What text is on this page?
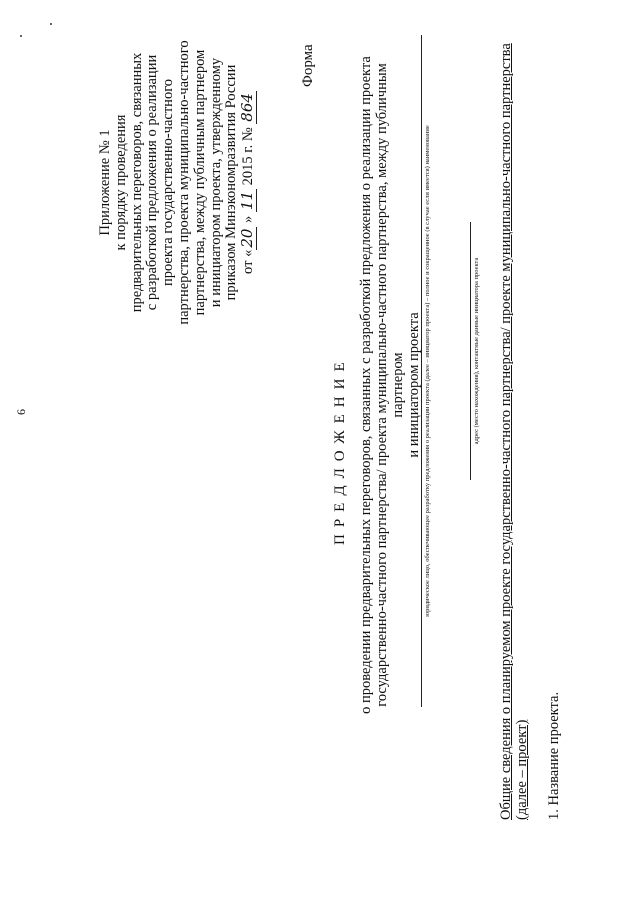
6
Приложение № 1 к порядку проведения предварительных переговоров, связанных с разработкой предложения о реализации проекта государственно-частного партнерства, проекта муниципально-частного партнерства, между публичным партнером и инициатором проекта, утвержденному приказом Минэкономразвития России от «20 » 11 2015 г. № 864
Форма
ПРЕДЛОЖЕНИЕ о проведении предварительных переговоров, связанных с разработкой предложения о реализации проекта государственно-частного партнерства/ проекта муниципально-частного партнерства, между публичным партнером и инициатором проекта юридическое лицо, обеспечивающее разработку предложения о реализации проекта (далее – инициатор проекта) – полное и сокращенное (в случае если имеется) наименование	адрес (место нахождения), контактные данные инициатора проекта Общие сведения о планируемом проекте государственно-частного партнерства/ проекте муниципально-частного партнерства (далее – проект) 1. Название проекта.
